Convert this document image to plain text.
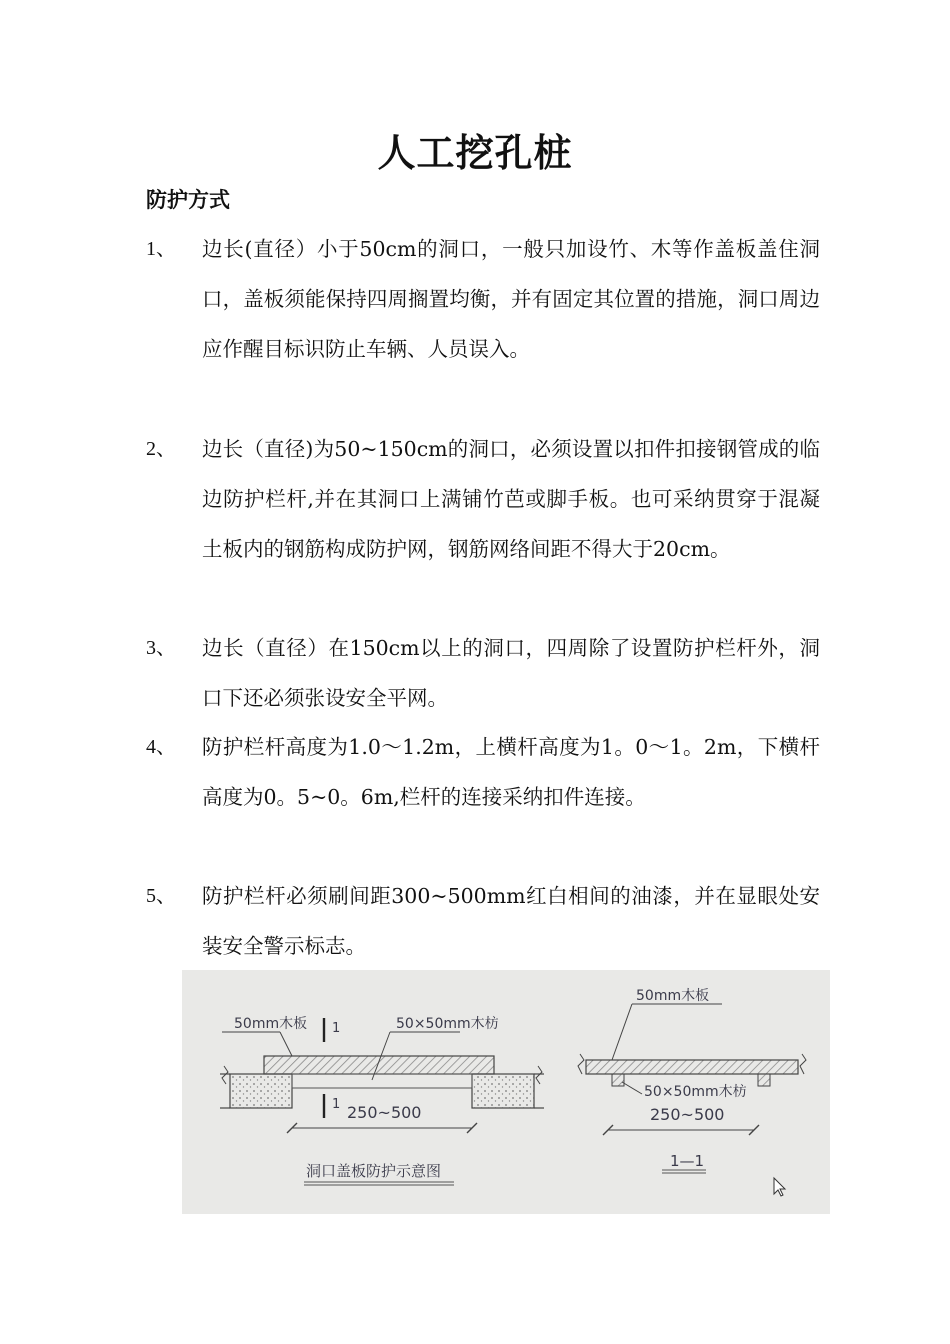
人工挖孔桩
防护方式
1、 边长(直径）小于50cm的洞口，一般只加设竹、木等作盖板盖住洞口，盖板须能保持四周搁置均衡，并有固定其位置的措施，洞口周边应作醒目标识防止车辆、人员误入。
2、 边长（直径)为50~150cm的洞口，必须设置以扣件扣接钢管成的临边防护栏杆,并在其洞口上满铺竹芭或脚手板。也可采纳贯穿于混凝土板内的钢筋构成防护网，钢筋网络间距不得大于20cm。
3、 边长（直径）在150cm以上的洞口，四周除了设置防护栏杆外，洞口下还必须张设安全平网。
4、 防护栏杆高度为1.0～1.2m，上横杆高度为1。0～1。2m，下横杆高度为0。5~0。6m,栏杆的连接采纳扣件连接。
5、 防护栏杆必须刷间距300~500mm红白相间的油漆，并在显眼处安装安全警示标志。
50mm木板	50×50mm木枋
1
1 250~500
洞口盖板防护示意图
50mm木板
50×50mm木枋
250~500
1—1
